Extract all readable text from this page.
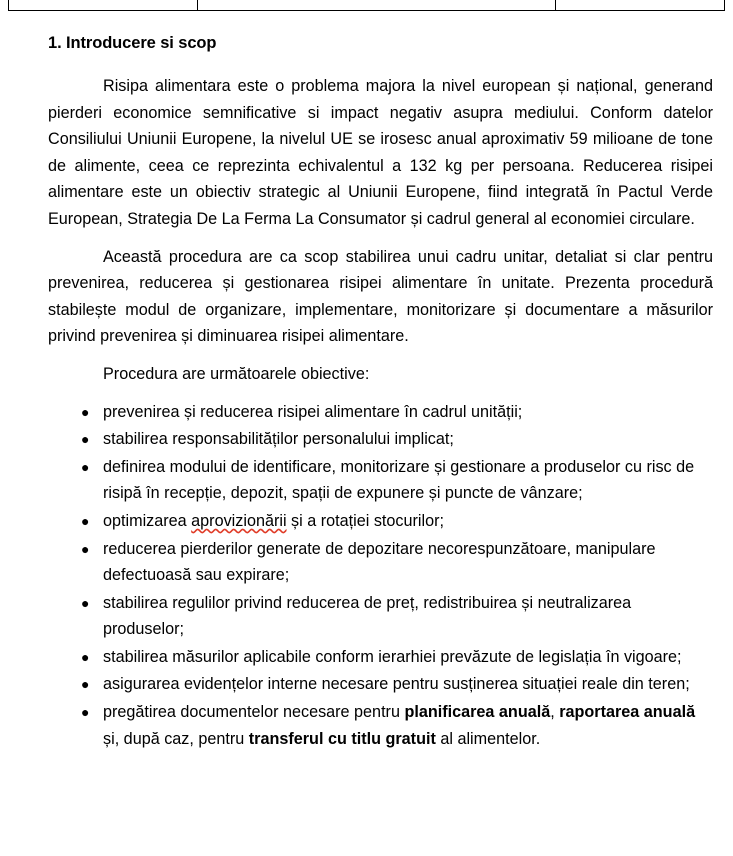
1. Introducere si scop

Risipa alimentara este o problema majora la nivel european și național, generand pierderi economice semnificative si impact negativ asupra mediului. Conform datelor Consiliului Uniunii Europene, la nivelul UE se irosesc anual aproximativ 59 milioane de tone de alimente, ceea ce reprezinta echivalentul a 132 kg per persoana. Reducerea risipei alimentare este un obiectiv strategic al Uniunii Europene, fiind integrată în Pactul Verde European, Strategia De La Ferma La Consumator și cadrul general al economiei circulare.

Această procedura are ca scop stabilirea unui cadru unitar, detaliat si clar pentru prevenirea, reducerea și gestionarea risipei alimentare în unitate. Prezenta procedură stabilește modul de organizare, implementare, monitorizare și documentare a măsurilor privind prevenirea și diminuarea risipei alimentare.

Procedura are următoarele obiective:

● prevenirea și reducerea risipei alimentare în cadrul unității;
● stabilirea responsabilităților personalului implicat;
● definirea modului de identificare, monitorizare și gestionare a produselor cu risc de risipă în recepție, depozit, spații de expunere și puncte de vânzare;
● optimizarea aprovizionării și a rotației stocurilor;
● reducerea pierderilor generate de depozitare necorespunzătoare, manipulare defectuoasă sau expirare;
● stabilirea regulilor privind reducerea de preț, redistribuirea și neutralizarea produselor;
● stabilirea măsurilor aplicabile conform ierarhiei prevăzute de legislația în vigoare;
● asigurarea evidențelor interne necesare pentru susținerea situației reale din teren;
● pregătirea documentelor necesare pentru planificarea anuală, raportarea anuală și, după caz, pentru transferul cu titlu gratuit al alimentelor.
